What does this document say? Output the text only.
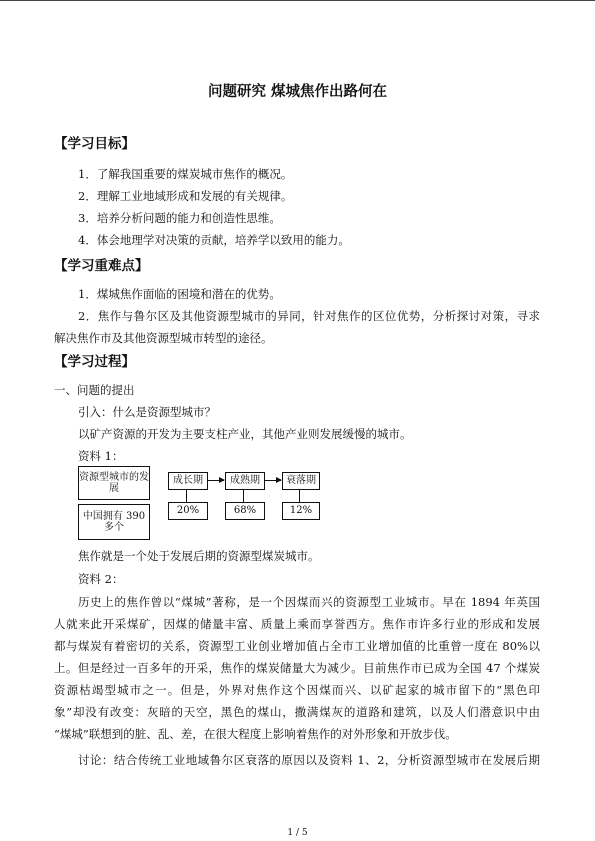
问题研究 煤城焦作出路何在
【学习目标】
1．了解我国重要的煤炭城市焦作的概况。
2．理解工业地域形成和发展的有关规律。
3．培养分析问题的能力和创造性思维。
4．体会地理学对决策的贡献，培养学以致用的能力。
【学习重难点】
1．煤城焦作面临的困境和潜在的优势。
2．焦作与鲁尔区及其他资源型城市的异同，针对焦作的区位优势，分析探讨对策，寻求
解决焦作市及其他资源型城市转型的途径。
【学习过程】
一、问题的提出
引入：什么是资源型城市？
以矿产资源的开发为主要支柱产业，其他产业则发展缓慢的城市。
资料 1：
资源型城市的发展
中国拥有 390 多个
成长期	成熟期	衰落期
20%	68%	12%
焦作就是一个处于发展后期的资源型煤炭城市。
资料 2：
历史上的焦作曾以“煤城”著称，是一个因煤而兴的资源型工业城市。早在 1894 年英国
人就来此开采煤矿，因煤的储量丰富、质量上乘而享誉西方。焦作市许多行业的形成和发展
都与煤炭有着密切的关系，资源型工业创业增加值占全市工业增加值的比重曾一度在 80%以
上。但是经过一百多年的开采，焦作的煤炭储量大为减少。目前焦作市已成为全国 47 个煤炭
资源枯竭型城市之一。但是，外界对焦作这个因煤而兴、以矿起家的城市留下的“黑色印
象”却没有改变：灰暗的天空，黑色的煤山，撒满煤灰的道路和建筑，以及人们潜意识中由
“煤城”联想到的脏、乱、差，在很大程度上影响着焦作的对外形象和开放步伐。
讨论：结合传统工业地域鲁尔区衰落的原因以及资料 1、2，分析资源型城市在发展后期
1 / 5
